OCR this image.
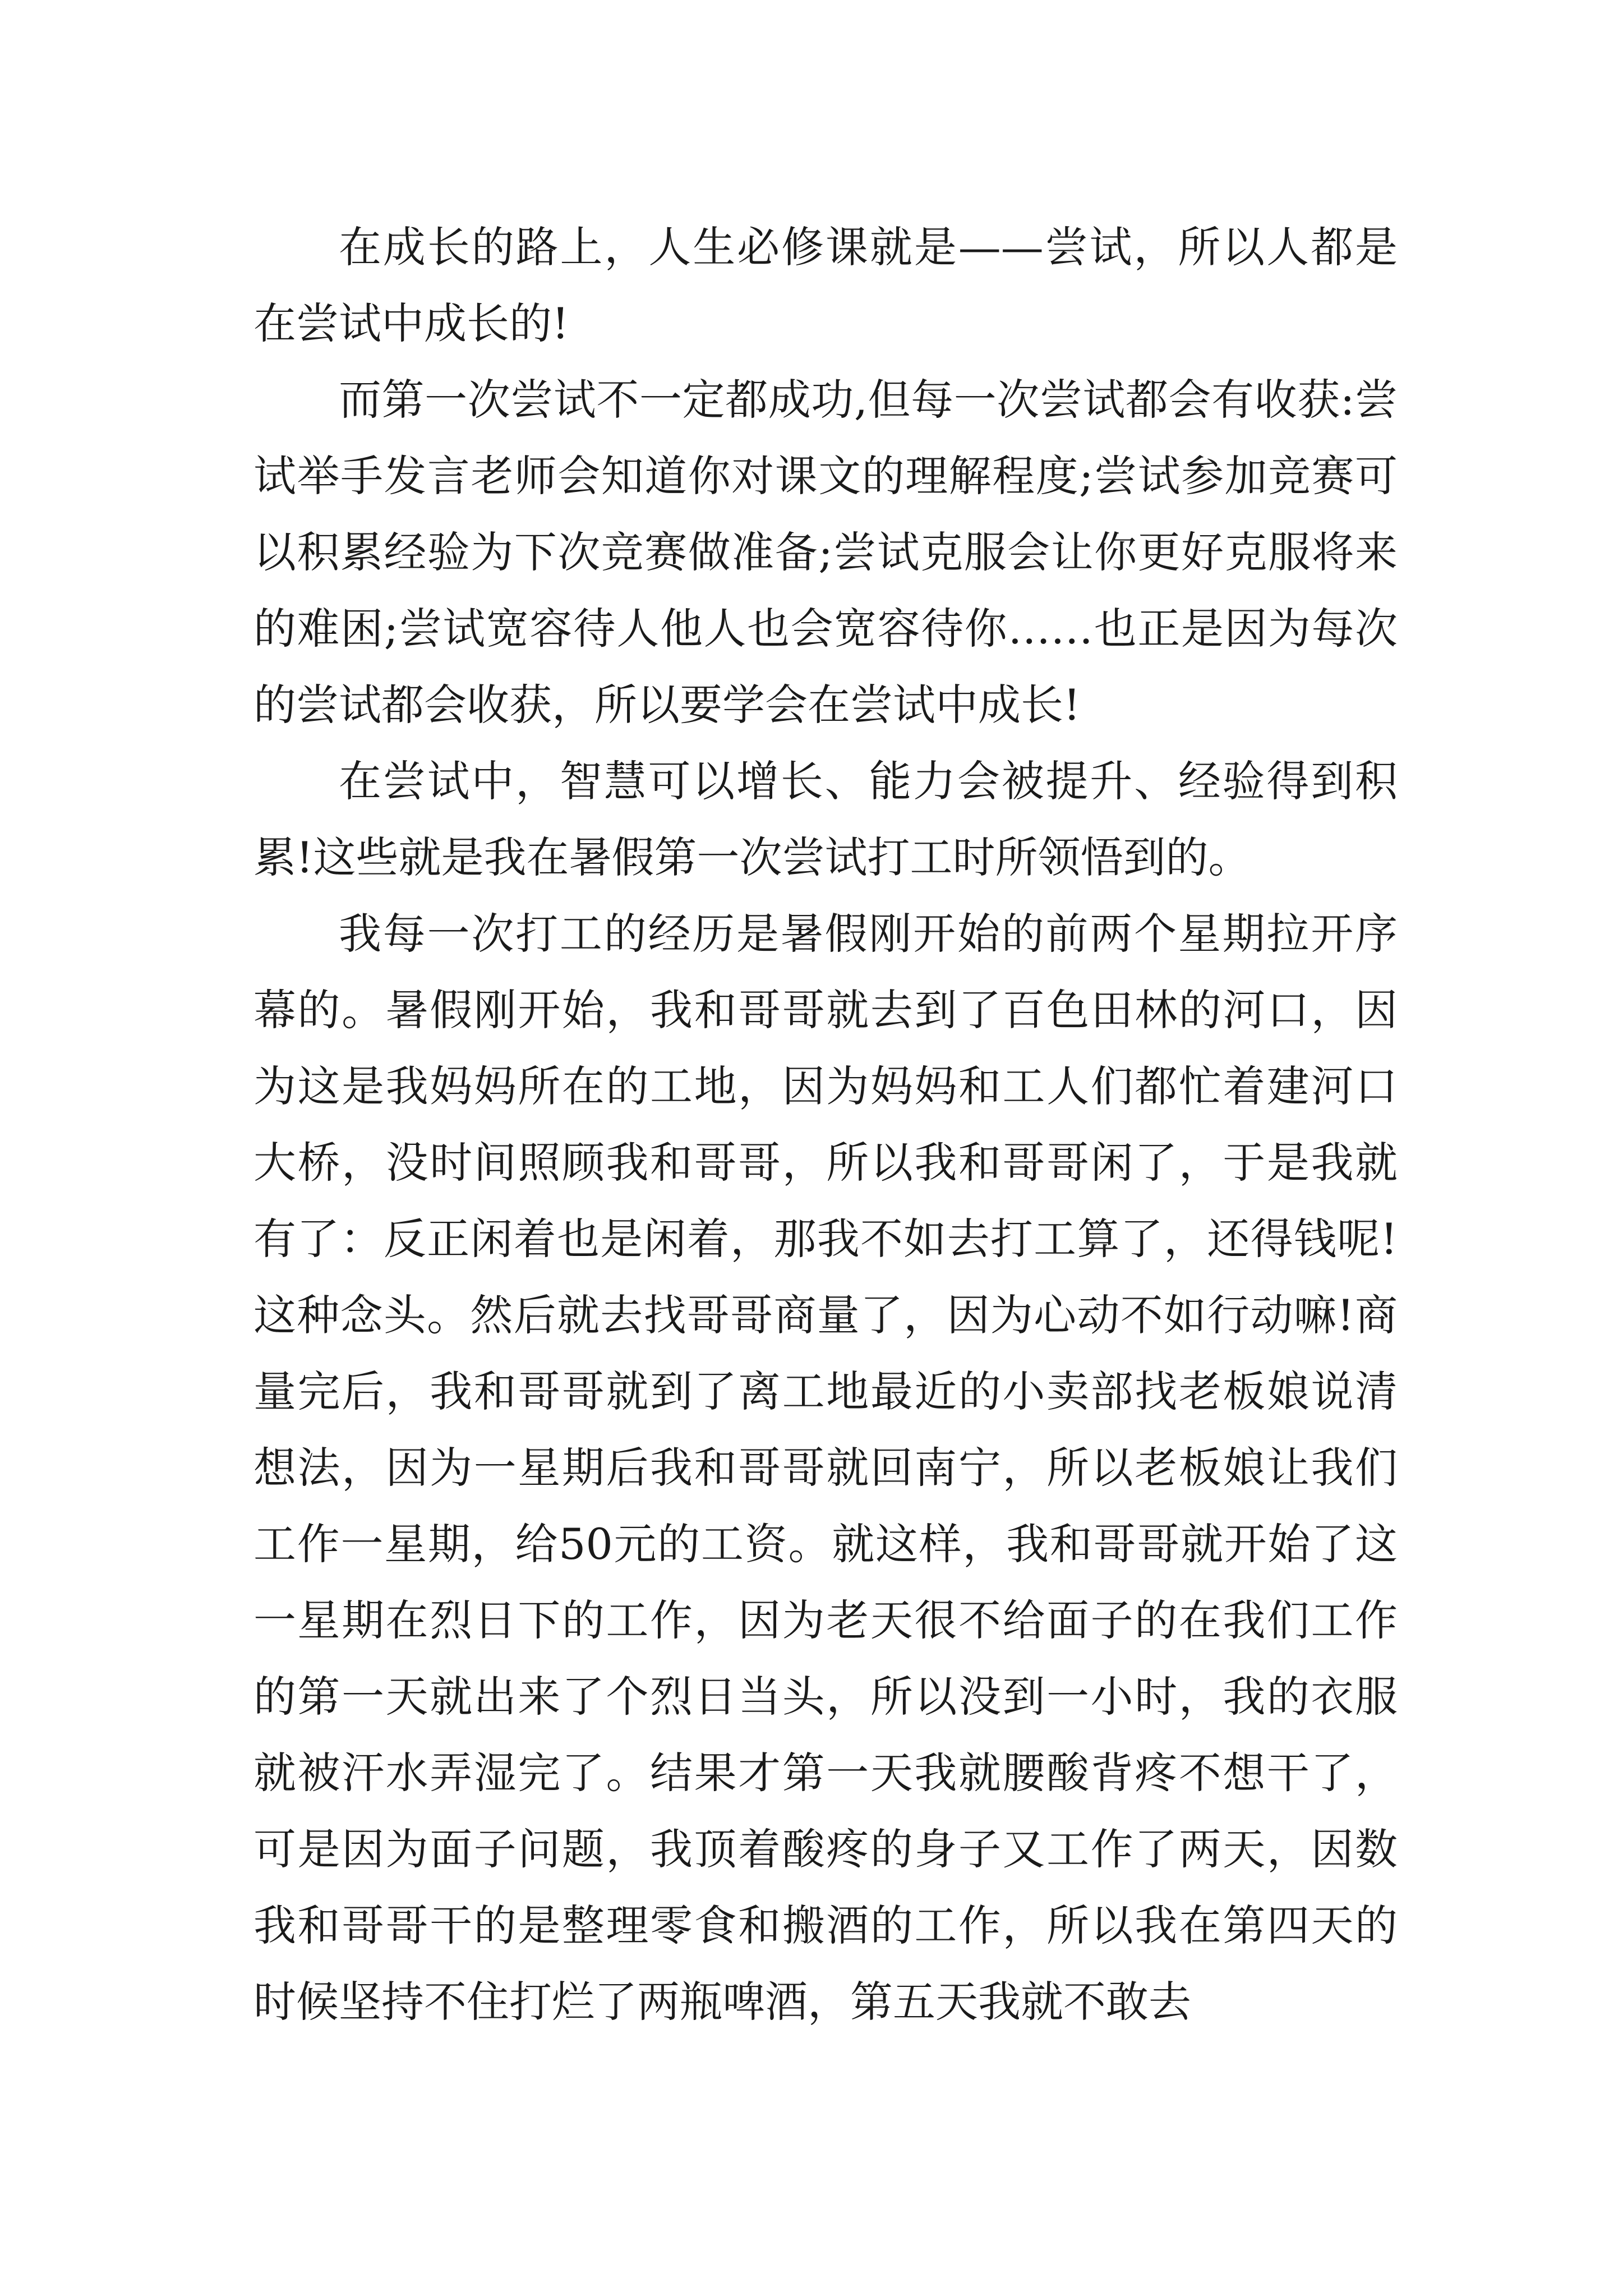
在成长的路上，人生必修课就是——尝试，所以人都是在尝试中成长的!

而第一次尝试不一定都成功,但每一次尝试都会有收获:尝试举手发言老师会知道你对课文的理解程度;尝试参加竞赛可以积累经验为下次竞赛做准备;尝试克服会让你更好克服将来的难困;尝试宽容待人他人也会宽容待你……也正是因为每次的尝试都会收获，所以要学会在尝试中成长!

在尝试中，智慧可以增长、能力会被提升、经验得到积累!这些就是我在暑假第一次尝试打工时所领悟到的。

我每一次打工的经历是暑假刚开始的前两个星期拉开序幕的。暑假刚开始，我和哥哥就去到了百色田林的河口，因为这是我妈妈所在的工地，因为妈妈和工人们都忙着建河口大桥，没时间照顾我和哥哥，所以我和哥哥闲了，于是我就有了：反正闲着也是闲着，那我不如去打工算了，还得钱呢!这种念头。然后就去找哥哥商量了，因为心动不如行动嘛!商量完后，我和哥哥就到了离工地最近的小卖部找老板娘说清想法，因为一星期后我和哥哥就回南宁，所以老板娘让我们工作一星期，给50元的工资。就这样，我和哥哥就开始了这一星期在烈日下的工作，因为老天很不给面子的在我们工作的第一天就出来了个烈日当头，所以没到一小时，我的衣服就被汗水弄湿完了。结果才第一天我就腰酸背疼不想干了，可是因为面子问题，我顶着酸疼的身子又工作了两天，因数我和哥哥干的是整理零食和搬酒的工作，所以我在第四天的时候坚持不住打烂了两瓶啤酒，第五天我就不敢去
